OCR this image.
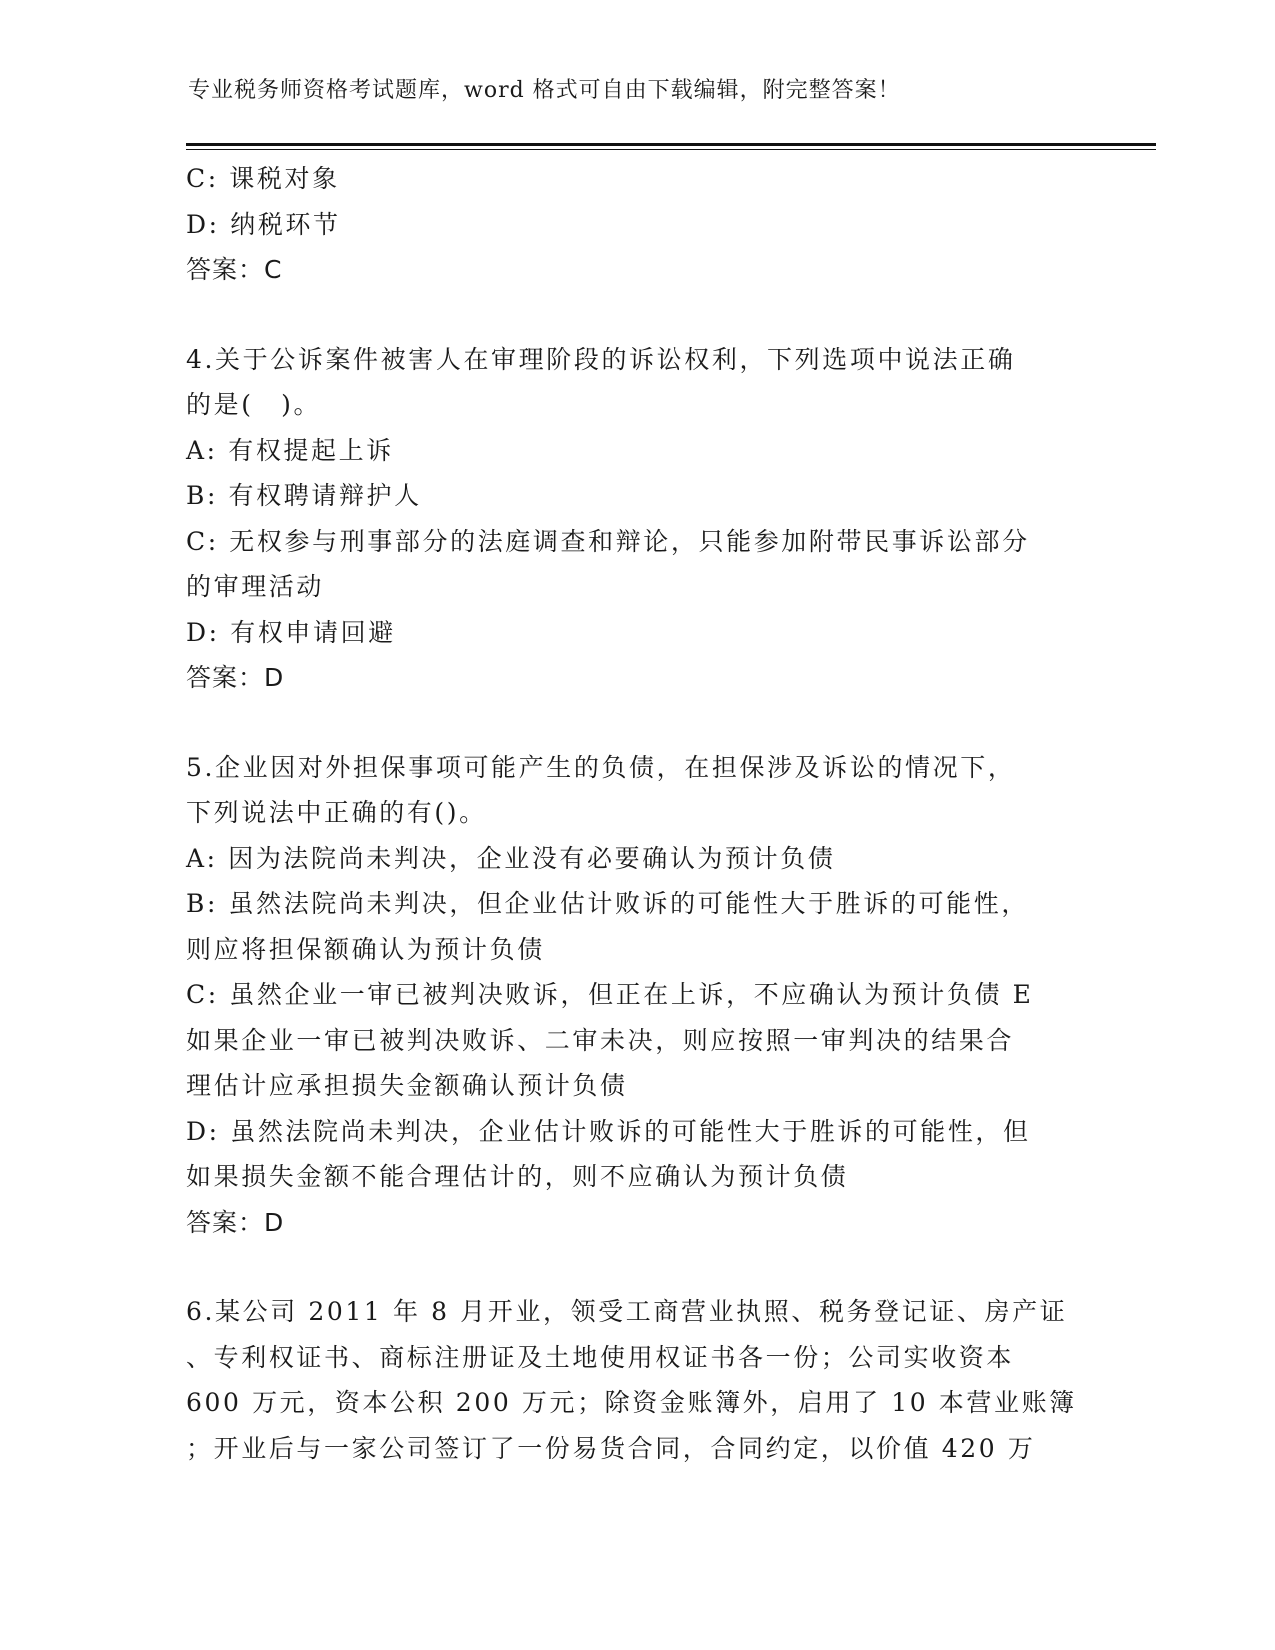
专业税务师资格考试题库，word 格式可自由下载编辑，附完整答案！
C: 课税对象
D: 纳税环节
答案：C
4.关于公诉案件被害人在审理阶段的诉讼权利，下列选项中说法正确
的是(　)。
A: 有权提起上诉
B: 有权聘请辩护人
C: 无权参与刑事部分的法庭调查和辩论，只能参加附带民事诉讼部分
的审理活动
D: 有权申请回避
答案：D
5.企业因对外担保事项可能产生的负债，在担保涉及诉讼的情况下，
下列说法中正确的有()。
A: 因为法院尚未判决，企业没有必要确认为预计负债
B: 虽然法院尚未判决，但企业估计败诉的可能性大于胜诉的可能性，
则应将担保额确认为预计负债
C: 虽然企业一审已被判决败诉，但正在上诉，不应确认为预计负债 E
如果企业一审已被判决败诉、二审未决，则应按照一审判决的结果合
理估计应承担损失金额确认预计负债
D: 虽然法院尚未判决，企业估计败诉的可能性大于胜诉的可能性，但
如果损失金额不能合理估计的，则不应确认为预计负债
答案：D
6.某公司 2011 年 8 月开业，领受工商营业执照、税务登记证、房产证
、专利权证书、商标注册证及土地使用权证书各一份；公司实收资本
600 万元，资本公积 200 万元；除资金账簿外，启用了 10 本营业账簿
；开业后与一家公司签订了一份易货合同，合同约定，以价值 420 万
